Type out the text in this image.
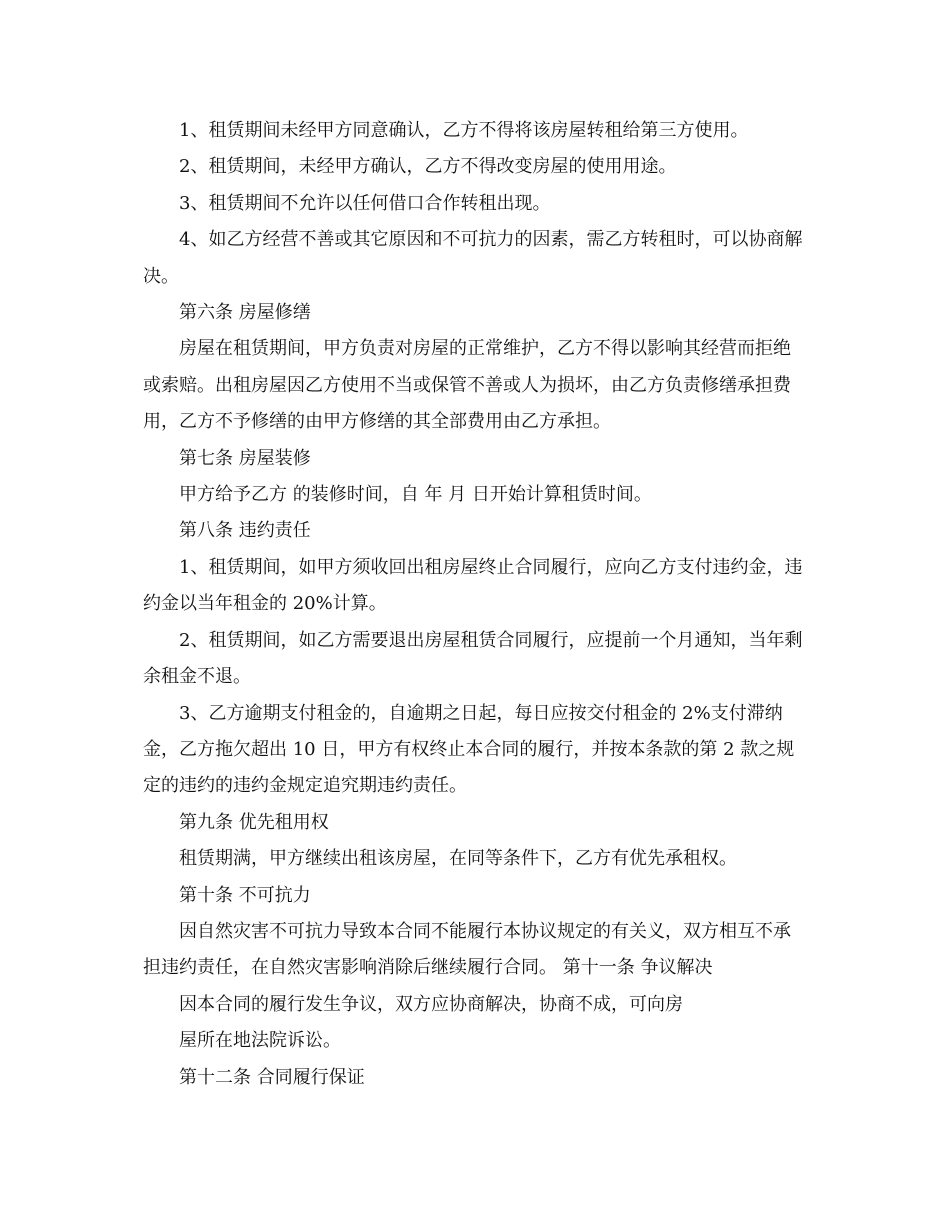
1、租赁期间未经甲方同意确认，乙方不得将该房屋转租给第三方使用。

2、租赁期间，未经甲方确认，乙方不得改变房屋的使用用途。

3、租赁期间不允许以任何借口合作转租出现。

4、如乙方经营不善或其它原因和不可抗力的因素，需乙方转租时，可以协商解决。

第六条 房屋修缮

房屋在租赁期间，甲方负责对房屋的正常维护，乙方不得以影响其经营而拒绝或索赔。出租房屋因乙方使用不当或保管不善或人为损坏，由乙方负责修缮承担费用，乙方不予修缮的由甲方修缮的其全部费用由乙方承担。

第七条 房屋装修

甲方给予乙方 的装修时间，自 年 月 日开始计算租赁时间。

第八条 违约责任

1、租赁期间，如甲方须收回出租房屋终止合同履行，应向乙方支付违约金，违约金以当年租金的 20%计算。

2、租赁期间，如乙方需要退出房屋租赁合同履行，应提前一个月通知，当年剩余租金不退。

3、乙方逾期支付租金的，自逾期之日起，每日应按交付租金的 2%支付滞纳金，乙方拖欠超出 10 日，甲方有权终止本合同的履行，并按本条款的第 2 款之规定的违约的违约金规定追究期违约责任。

第九条 优先租用权

租赁期满，甲方继续出租该房屋，在同等条件下，乙方有优先承租权。

第十条 不可抗力

因自然灾害不可抗力导致本合同不能履行本协议规定的有关义，双方相互不承担违约责任，在自然灾害影响消除后继续履行合同。 第十一条 争议解决

因本合同的履行发生争议，双方应协商解决，协商不成，可向房

屋所在地法院诉讼。

第十二条 合同履行保证
